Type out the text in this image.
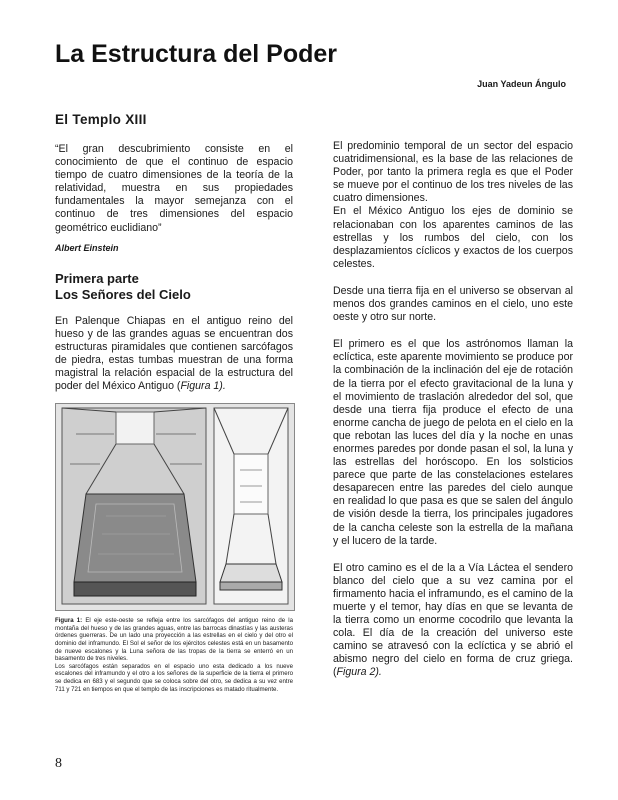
La Estructura del Poder
Juan Yadeun Ángulo
El Templo XIII

“El gran descubrimiento consiste en el conocimiento de que el continuo de espacio tiempo de cuatro dimensiones de la teoría de la relatividad, muestra en sus propiedades fundamentales la mayor semejanza con el continuo de tres dimensiones del espacio geométrico euclidiano”

Albert Einstein
Primera parte
Los Señores del Cielo

En Palenque Chiapas en el antiguo reino del hueso y de las grandes aguas se encuentran dos estructuras piramidales que contienen sarcófagos de piedra, estas tumbas muestran de una forma magistral la relación espacial de la estructura del poder del México Antiguo (Figura 1).

Figura 1: El eje este-oeste se refleja entre los sarcófagos del antiguo reino de la montaña del hueso y de las grandes aguas, entre las barrocas dinastías y las austeras órdenes guerreras. De un lado una proyección a las estrellas en el cielo y del otro el dominio del inframundo. El Sol el señor de los ejércitos celestes está en un basamento de nueve escalones y la Luna señora de las tropas de la tierra se enterró en un basamento de tres niveles.

Los sarcófagos están separados en el espacio uno esta dedicado a los nueve escalones del inframundo y el otro a los señores de la superficie de la tierra el primero se dedica en 683 y el segundo que se coloca sobre del otro, se dedica a su vez entre 711 y 721 en tiempos en que el templo de las inscripciones es matado ritualmente.

El predominio temporal de un sector del espacio cuatridimensional, es la base de las relaciones de Poder, por tanto la primera regla es que el Poder se mueve por el continuo de los tres niveles de las cuatro dimensiones.

En el México Antiguo los ejes de dominio se relacionaban con los aparentes caminos de las estrellas y los rumbos del cielo, con los desplazamientos cíclicos y exactos de los cuerpos celestes.

Desde una tierra fija en el universo se observan al menos dos grandes caminos en el cielo, uno este oeste y otro sur norte.

El primero es el que los astrónomos llaman la eclíctica, este aparente movimiento se produce por la combinación de la inclinación del eje de rotación de la tierra por el efecto gravitacional de la luna y el movimiento de traslación alrededor del sol, que desde una tierra fija produce el efecto de una enorme cancha de juego de pelota en el cielo en la que rebotan las luces del día y la noche en unas enormes paredes por donde pasan el sol, la luna y las estrellas del horóscopo. En los solsticios parece que parte de las constelaciones estelares desaparecen entre las paredes del cielo aunque en realidad lo que pasa es que se salen del ángulo de visión desde la tierra, los principales jugadores de la cancha celeste son la estrella de la mañana y el lucero de la tarde.

El otro camino es el de la a Vía Láctea el sendero blanco del cielo que a su vez camina por el firmamento hacia el inframundo, es el camino de la muerte y el temor, hay días en que se levanta de la tierra como un enorme cocodrilo que levanta la cola. El día de la creación del universo este camino se atravesó con la eclíctica y se abrió el abismo negro del cielo en forma de cruz griega. (Figura 2).

8
